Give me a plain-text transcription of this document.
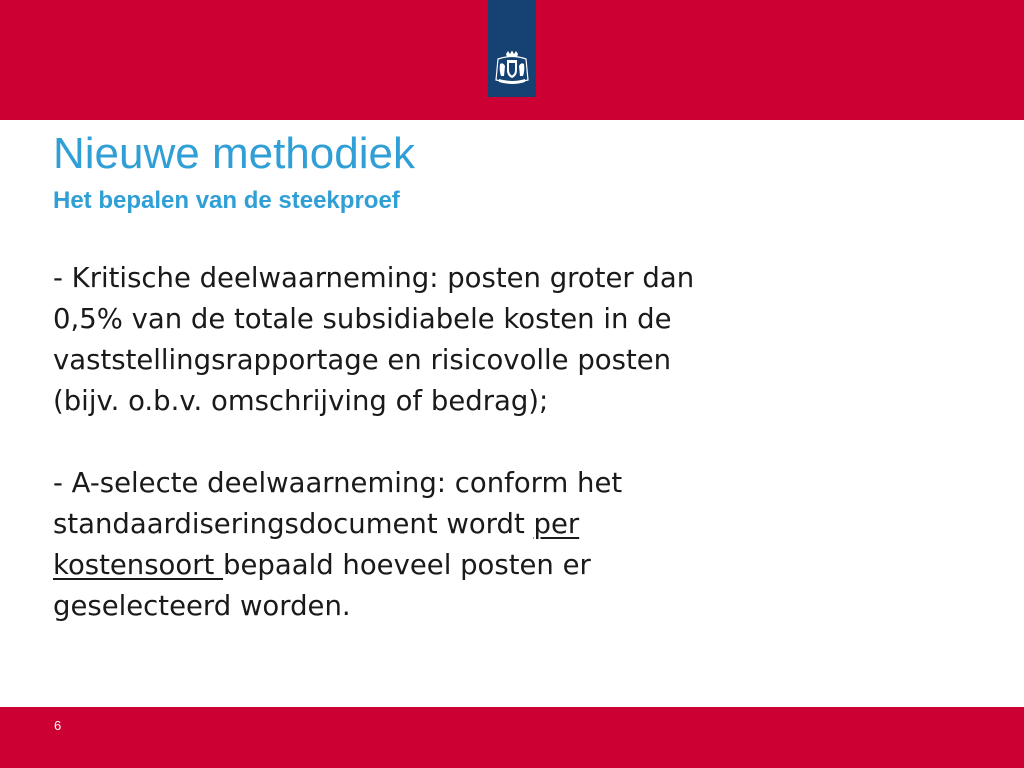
Nieuwe methodiek
Het bepalen van de steekproef

- Kritische deelwaarneming: posten groter dan
0,5% van de totale subsidiabele kosten in de
vaststellingsrapportage en risicovolle posten
(bijv. o.b.v. omschrijving of bedrag);

- A-selecte deelwaarneming: conform het
standaardiseringsdocument wordt per
kostensoort bepaald hoeveel posten er
geselecteerd worden.

6
